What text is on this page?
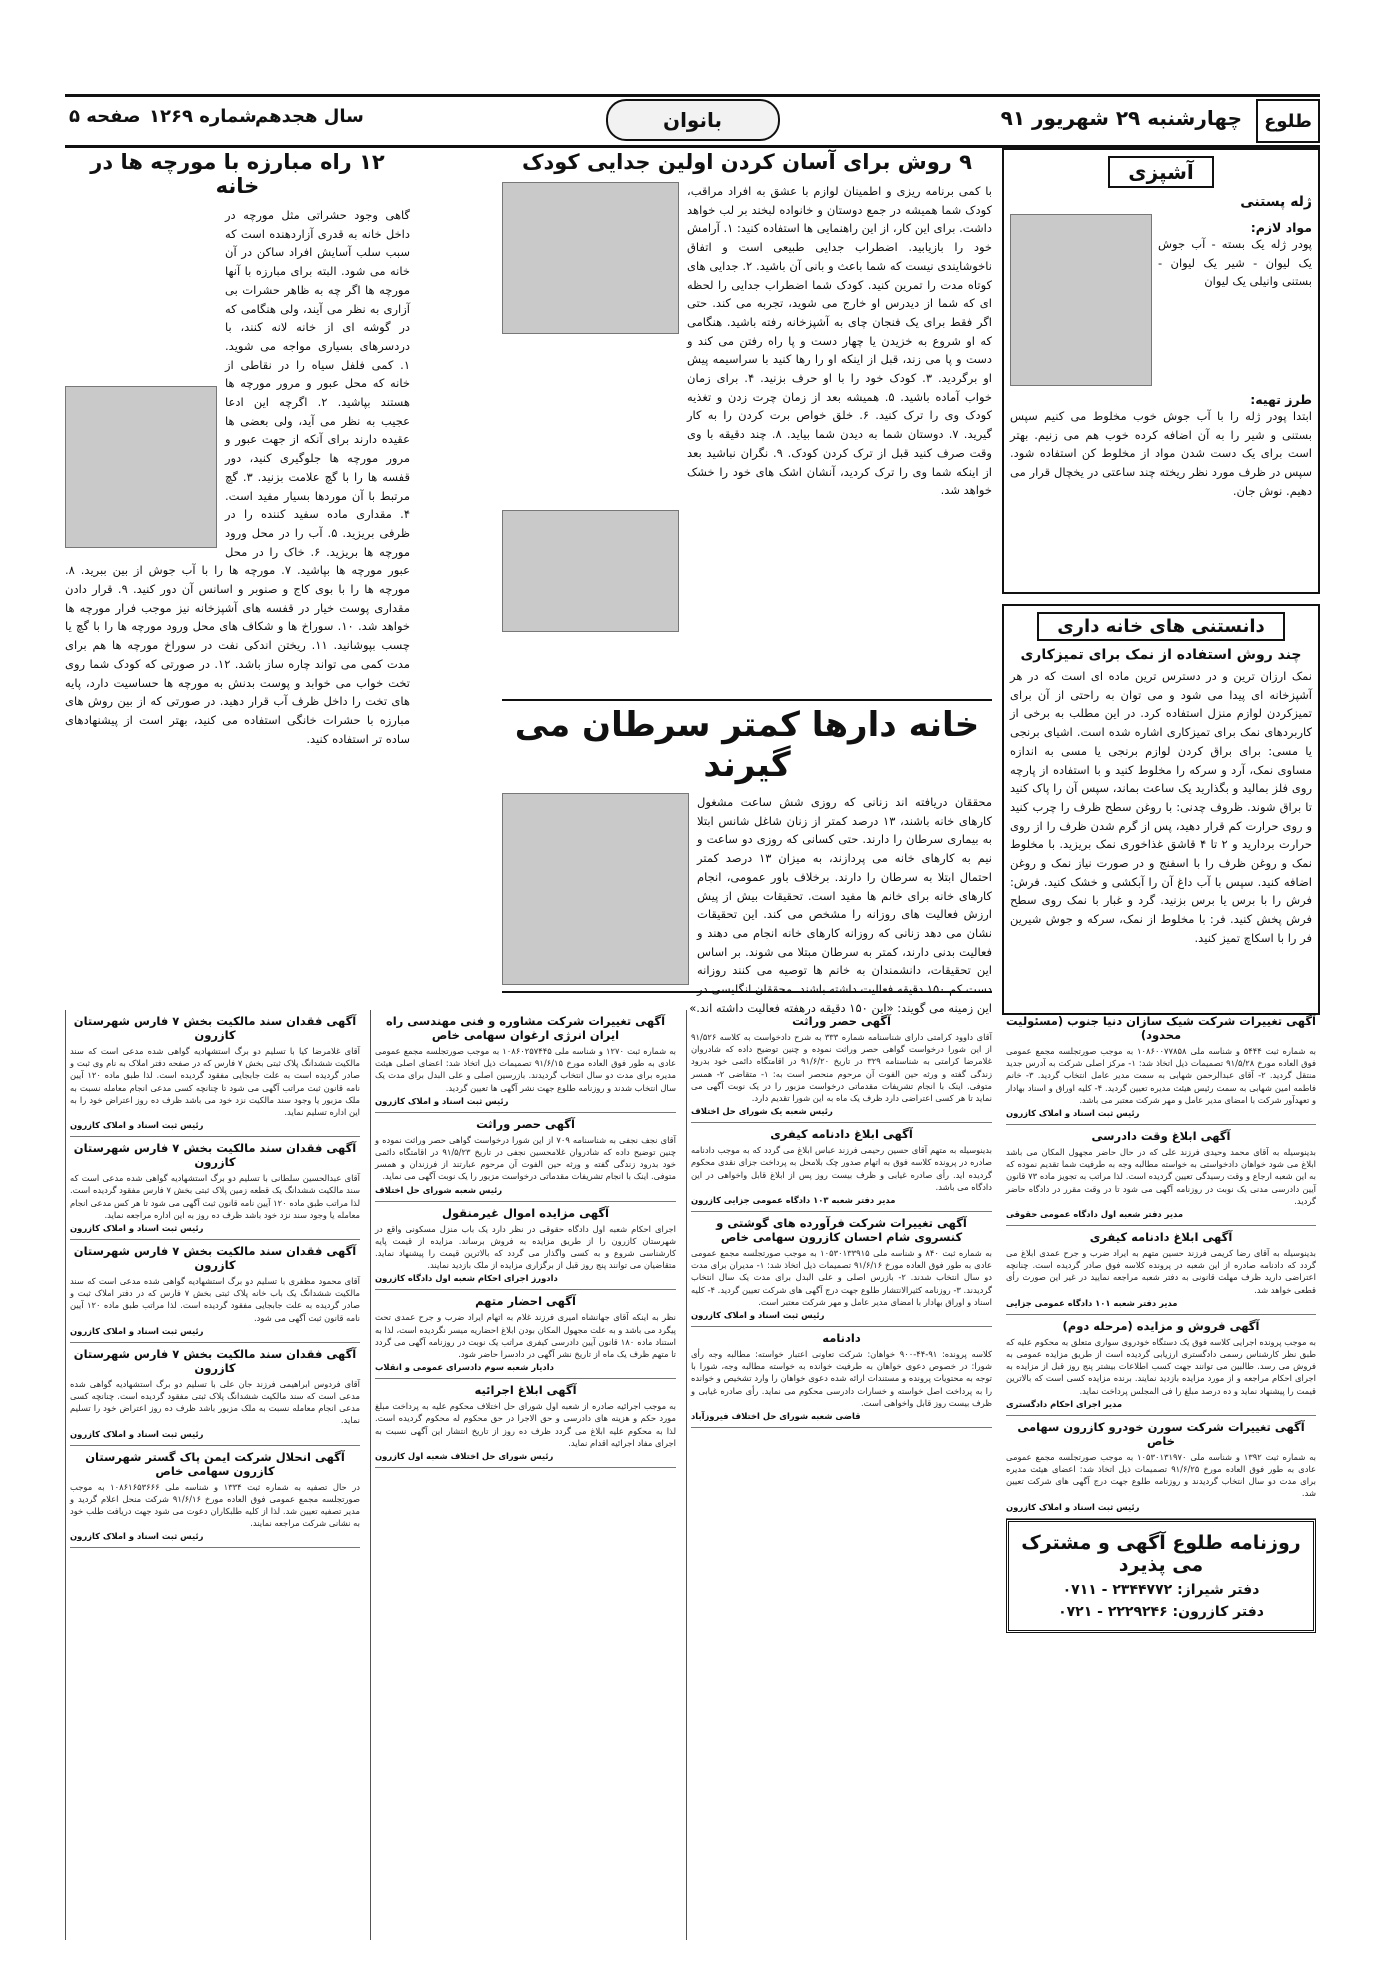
طلوع
چهارشنبه ۲۹ شهریور ۹۱
بانوان
سال هجدهم
شماره ۱۲۶۹
صفحه ۵
آشپزی
ژله پستنی
مواد لازم:
پودر ژله یک بسته - آب جوش یک لیوان - شیر یک لیوان - بستنی وانیلی یک لیوان
طرز تهیه:
ابتدا پودر ژله را با آب جوش خوب مخلوط می کنیم سپس بستنی و شیر را به آن اضافه کرده خوب هم می زنیم. بهتر است برای یک دست شدن مواد از مخلوط کن استفاده شود. سپس در ظرف مورد نظر ریخته چند ساعتی در یخچال قرار می دهیم. نوش جان.
دانستنی های خانه داری
چند روش استفاده از نمک برای تمیزکاری
نمک ارزان ترین و در دسترس ترین ماده ای است که در هر آشپزخانه ای پیدا می شود و می توان به راحتی از آن برای تمیزکردن لوازم منزل استفاده کرد. در این مطلب به برخی از کاربردهای نمک برای تمیزکاری اشاره شده است. اشیای برنجی یا مسی: برای براق کردن لوازم برنجی یا مسی به اندازه مساوی نمک، آرد و سرکه را مخلوط کنید و با استفاده از پارچه روی فلز بمالید و بگذارید یک ساعت بماند، سپس آن را پاک کنید تا براق شوند. ظروف چدنی: با روغن سطح ظرف را چرب کنید و روی حرارت کم قرار دهید، پس از گرم شدن ظرف را از روی حرارت بردارید و ۲ تا ۴ قاشق غذاخوری نمک بریزید. با مخلوط نمک و روغن ظرف را با اسفنج و در صورت نیاز نمک و روغن اضافه کنید. سپس با آب داغ آن را آبکشی و خشک کنید. فرش: فرش را با برس یا برس بزنید. گرد و غبار با نمک روی سطح فرش پخش کنید. فر: با مخلوط از نمک، سرکه و جوش شیرین فر را با اسکاچ تمیز کنید.
۹ روش برای آسان کردن اولین جدایی کودک
با کمی برنامه ریزی و اطمینان لوازم با عشق به افراد مراقب، کودک شما همیشه در جمع دوستان و خانواده لبخند بر لب خواهد داشت. برای این کار، از این راهنمایی ها استفاده کنید: ۱. آرامش خود را بازیابید. اضطراب جدایی طبیعی است و اتفاق ناخوشایندی نیست که شما باعث و بانی آن باشید. ۲. جدایی های کوتاه مدت را تمرین کنید. کودک شما اضطراب جدایی را لحظه ای که شما از دیدرس او خارج می شوید، تجربه می کند. حتی اگر فقط برای یک فنجان چای به آشپزخانه رفته باشید. هنگامی که او شروع به خزیدن یا چهار دست و پا راه رفتن می کند و دست و پا می زند، قبل از اینکه او را رها کنید با سراسیمه پیش او برگردید. ۳. کودک خود را با او حرف بزنید. ۴. برای زمان خواب آماده باشید. ۵. همیشه بعد از زمان چرت زدن و تغذیه کودک وی را ترک کنید. ۶. خلق خواص برت کردن را به کار گیرید. ۷. دوستان شما به دیدن شما بیاید. ۸. چند دقیقه با وی وقت صرف کنید قبل از ترک کردن کودک. ۹. نگران نباشید بعد از اینکه شما وی را ترک کردید، آنشان اشک های خود را خشک خواهد شد.
خانه دارها کمتر سرطان می گیرند
محققان دریافته اند زنانی که روزی شش ساعت مشغول کارهای خانه باشند، ۱۳ درصد کمتر از زنان شاغل شانس ابتلا به بیماری سرطان را دارند. حتی کسانی که روزی دو ساعت و نیم به کارهای خانه می پردازند، به میزان ۱۳ درصد کمتر احتمال ابتلا به سرطان را دارند. برخلاف باور عمومی، انجام کارهای خانه برای خانم ها مفید است. تحقیقات بیش از پیش ارزش فعالیت های روزانه را مشخص می کند. این تحقیقات نشان می دهد زنانی که روزانه کارهای خانه انجام می دهند و فعالیت بدنی دارند، کمتر به سرطان مبتلا می شوند. بر اساس این تحقیقات، دانشمندان به خانم ها توصیه می کنند روزانه دست کم ۱۵۰ دقیقه فعالیت داشته باشند. محققان انگلیسی در این زمینه می گویند: «این ۱۵۰ دقیقه درهفته فعالیت داشته اند.»
۱۲ راه مبارزه با مورچه ها در خانه
گاهی وجود حشراتی مثل مورچه در داخل خانه به قدری آزاردهنده است که سبب سلب آسایش افراد ساکن در آن خانه می شود. البته برای مبارزه با آنها مورچه ها اگر چه به ظاهر حشرات بی آزاری به نظر می آیند، ولی هنگامی که در گوشه ای از خانه لانه کنند، با دردسرهای بسیاری مواجه می شوید. ۱. کمی فلفل سیاه را در نقاطی از خانه که محل عبور و مرور مورچه ها هستند بپاشید. ۲. اگرچه این ادعا عجیب به نظر می آید، ولی بعضی ها عقیده دارند برای آنکه از جهت عبور و مرور مورچه ها جلوگیری کنید، دور قفسه ها را با گچ علامت بزنید. ۳. گچ مرتبط با آن موردها بسیار مفید است. ۴. مقداری ماده سفید کننده را در ظرفی بریزید. ۵. آب را در محل ورود مورچه ها بریزید. ۶. خاک را در محل عبور مورچه ها بپاشید. ۷. مورچه ها را با آب جوش از بین ببرید. ۸. مورچه ها را با بوی کاج و صنوبر و اسانس آن دور کنید. ۹. قرار دادن مقداری پوست خیار در قفسه های آشپزخانه نیز موجب فرار مورچه ها خواهد شد. ۱۰. سوراخ ها و شکاف های محل ورود مورچه ها را با گچ یا چسب بپوشانید. ۱۱. ریختن اندکی نفت در سوراخ مورچه ها هم برای مدت کمی می تواند چاره ساز باشد. ۱۲. در صورتی که کودک شما روی تخت خواب می خوابد و پوست بدنش به مورچه ها حساسیت دارد، پایه های تخت را داخل ظرف آب قرار دهید. در صورتی که از بین روش های مبارزه با حشرات خانگی استفاده می کنید، بهتر است از پیشنهادهای ساده تر استفاده کنید.
آگهی تغییرات شرکت شیک سازان دنیا جنوب (مسئولیت محدود)
به شماره ثبت ۵۴۴۴ و شناسه ملی ۱۰۸۶۰۰۷۷۸۵۸ به موجب صورتجلسه مجمع عمومی فوق العاده مورخ ۹۱/۵/۲۸ تصمیمات ذیل اتخاذ شد: ۱- مرکز اصلی شرکت به آدرس جدید منتقل گردید. ۲- آقای عبدالرحمن شهابی به سمت مدیر عامل انتخاب گردید. ۳- خانم فاطمه امین شهابی به سمت رئیس هیئت مدیره تعیین گردید. ۴- کلیه اوراق و اسناد بهادار و تعهدآور شرکت با امضای مدیر عامل و مهر شرکت معتبر می باشد.
رئیس ثبت اسناد و املاک کازرون
آگهی ابلاغ وقت دادرسی
بدینوسیله به آقای محمد وحیدی فرزند علی که در حال حاضر مجهول المکان می باشد ابلاغ می شود خواهان دادخواستی به خواسته مطالبه وجه به طرفیت شما تقدیم نموده که به این شعبه ارجاع و وقت رسیدگی تعیین گردیده است. لذا مراتب به تجویز ماده ۷۳ قانون آیین دادرسی مدنی یک نوبت در روزنامه آگهی می شود تا در وقت مقرر در دادگاه حاضر گردید.
مدیر دفتر شعبه اول دادگاه عمومی حقوقی
آگهی ابلاغ دادنامه کیفری
بدینوسیله به آقای رضا کریمی فرزند حسین متهم به ایراد ضرب و جرح عمدی ابلاغ می گردد که دادنامه صادره از این شعبه در پرونده کلاسه فوق صادر گردیده است. چنانچه اعتراضی دارید ظرف مهلت قانونی به دفتر شعبه مراجعه نمایید در غیر این صورت رأی قطعی خواهد شد.
مدیر دفتر شعبه ۱۰۱ دادگاه عمومی جزایی
آگهی فروش و مزایده (مرحله دوم)
به موجب پرونده اجرایی کلاسه فوق یک دستگاه خودروی سواری متعلق به محکوم علیه که طبق نظر کارشناس رسمی دادگستری ارزیابی گردیده است از طریق مزایده عمومی به فروش می رسد. طالبین می توانند جهت کسب اطلاعات بیشتر پنج روز قبل از مزایده به اجرای احکام مراجعه و از مورد مزایده بازدید نمایند. برنده مزایده کسی است که بالاترین قیمت را پیشنهاد نماید و ده درصد مبلغ را فی المجلس پرداخت نماید.
مدیر اجرای احکام دادگستری
آگهی تغییرات شرکت سورن خودرو کازرون سهامی خاص
به شماره ثبت ۱۳۹۲ و شناسه ملی ۱۰۵۳۰۱۳۱۹۷۰ به موجب صورتجلسه مجمع عمومی عادی به طور فوق العاده مورخ ۹۱/۶/۲۵ تصمیمات ذیل اتخاذ شد: اعضای هیئت مدیره برای مدت دو سال انتخاب گردیدند و روزنامه طلوع جهت درج آگهی های شرکت تعیین شد.
رئیس ثبت اسناد و املاک کازرون
روزنامه طلوع آگهی و مشترک می پذیرد
دفتر شیراز: ۲۳۴۴۷۷۲ - ۰۷۱۱
دفتر کازرون: ۲۲۲۹۲۴۶ - ۰۷۲۱
آگهی حصر وراثت
آقای داوود کرامتی دارای شناسنامه شماره ۳۳۳ به شرح دادخواست به کلاسه ۹۱/۵۲۶ از این شورا درخواست گواهی حصر وراثت نموده و چنین توضیح داده که شادروان غلامرضا کرامتی به شناسنامه ۳۲۹ در تاریخ ۹۱/۶/۲۰ در اقامتگاه دائمی خود بدرود زندگی گفته و ورثه حین الفوت آن مرحوم منحصر است به: ۱- متقاضی ۲- همسر متوفی. اینک با انجام تشریفات مقدماتی درخواست مزبور را در یک نوبت آگهی می نماید تا هر کسی اعتراضی دارد ظرف یک ماه به این شورا تقدیم دارد.
رئیس شعبه یک شورای حل اختلاف
آگهی ابلاغ دادنامه کیفری
بدینوسیله به متهم آقای حسین رحیمی فرزند عباس ابلاغ می گردد که به موجب دادنامه صادره در پرونده کلاسه فوق به اتهام صدور چک بلامحل به پرداخت جزای نقدی محکوم گردیده اید. رأی صادره غیابی و ظرف بیست روز پس از ابلاغ قابل واخواهی در این دادگاه می باشد.
مدیر دفتر شعبه ۱۰۳ دادگاه عمومی جزایی کازرون
آگهی تغییرات شرکت فرآورده های گوشتی و کنسروی شام احسان کازرون سهامی خاص
به شماره ثبت ۸۴۰ و شناسه ملی ۱۰۵۳۰۱۳۳۹۱۵ به موجب صورتجلسه مجمع عمومی عادی به طور فوق العاده مورخ ۹۱/۶/۱۶ تصمیمات ذیل اتخاذ شد: ۱- مدیران برای مدت دو سال انتخاب شدند. ۲- بازرس اصلی و علی البدل برای مدت یک سال انتخاب گردیدند. ۳- روزنامه کثیرالانتشار طلوع جهت درج آگهی های شرکت تعیین گردید. ۴- کلیه اسناد و اوراق بهادار با امضای مدیر عامل و مهر شرکت معتبر است.
رئیس ثبت اسناد و املاک کازرون
دادنامه
کلاسه پرونده: ۹۱-۴۴-۹۰۰ خواهان: شرکت تعاونی اعتبار خواسته: مطالبه وجه رأی شورا: در خصوص دعوی خواهان به طرفیت خوانده به خواسته مطالبه وجه، شورا با توجه به محتویات پرونده و مستندات ارائه شده دعوی خواهان را وارد تشخیص و خوانده را به پرداخت اصل خواسته و خسارات دادرسی محکوم می نماید. رأی صادره غیابی و ظرف بیست روز قابل واخواهی است.
قاضی شعبه شورای حل اختلاف فیروزآباد
آگهی تغییرات شرکت مشاوره و فنی مهندسی راه ایران انرژی ارغوان سهامی خاص
به شماره ثبت ۱۲۷۰ و شناسه ملی ۱۰۸۶۰۲۵۷۴۴۵ به موجب صورتجلسه مجمع عمومی عادی به طور فوق العاده مورخ ۹۱/۶/۱۵ تصمیمات ذیل اتخاذ شد: اعضای اصلی هیئت مدیره برای مدت دو سال انتخاب گردیدند. بازرسین اصلی و علی البدل برای مدت یک سال انتخاب شدند و روزنامه طلوع جهت نشر آگهی ها تعیین گردید.
رئیس ثبت اسناد و املاک کازرون
آگهی حصر وراثت
آقای نجف نجفی به شناسنامه ۷۰۹ از این شورا درخواست گواهی حصر وراثت نموده و چنین توضیح داده که شادروان غلامحسین نجفی در تاریخ ۹۱/۵/۲۳ در اقامتگاه دائمی خود بدرود زندگی گفته و ورثه حین الفوت آن مرحوم عبارتند از فرزندان و همسر متوفی. اینک با انجام تشریفات مقدماتی درخواست مزبور را یک نوبت آگهی می نماید.
رئیس شعبه شورای حل اختلاف
آگهی مزایده اموال غیرمنقول
اجرای احکام شعبه اول دادگاه حقوقی در نظر دارد یک باب منزل مسکونی واقع در شهرستان کازرون را از طریق مزایده به فروش برساند. مزایده از قیمت پایه کارشناسی شروع و به کسی واگذار می گردد که بالاترین قیمت را پیشنهاد نماید. متقاضیان می توانند پنج روز قبل از برگزاری مزایده از ملک بازدید نمایند.
دادورز اجرای احکام شعبه اول دادگاه کازرون
آگهی احضار متهم
نظر به اینکه آقای جهانشاه امیری فرزند غلام به اتهام ایراد ضرب و جرح عمدی تحت پیگرد می باشد و به علت مجهول المکان بودن ابلاغ احضاریه میسر نگردیده است، لذا به استناد ماده ۱۸۰ قانون آیین دادرسی کیفری مراتب یک نوبت در روزنامه آگهی می گردد تا متهم ظرف یک ماه از تاریخ نشر آگهی در دادسرا حاضر شود.
دادیار شعبه سوم دادسرای عمومی و انقلاب
آگهی ابلاغ اجرائیه
به موجب اجرائیه صادره از شعبه اول شورای حل اختلاف محکوم علیه به پرداخت مبلغ مورد حکم و هزینه های دادرسی و حق الاجرا در حق محکوم له محکوم گردیده است. لذا به محکوم علیه ابلاغ می گردد ظرف ده روز از تاریخ انتشار این آگهی نسبت به اجرای مفاد اجرائیه اقدام نماید.
رئیس شورای حل اختلاف شعبه اول کازرون
آگهی فقدان سند مالکیت بخش ۷ فارس شهرستان کازرون
آقای غلامرضا کیا با تسلیم دو برگ استشهادیه گواهی شده مدعی است که سند مالکیت ششدانگ پلاک ثبتی بخش ۷ فارس که در صفحه دفتر املاک به نام وی ثبت و صادر گردیده است به علت جابجایی مفقود گردیده است. لذا طبق ماده ۱۲۰ آیین نامه قانون ثبت مراتب آگهی می شود تا چنانچه کسی مدعی انجام معامله نسبت به ملک مزبور یا وجود سند مالکیت نزد خود می باشد ظرف ده روز اعتراض خود را به این اداره تسلیم نماید.
رئیس ثبت اسناد و املاک کازرون
آگهی فقدان سند مالکیت بخش ۷ فارس شهرستان کازرون
آقای عبدالحسین سلطانی با تسلیم دو برگ استشهادیه گواهی شده مدعی است که سند مالکیت ششدانگ یک قطعه زمین پلاک ثبتی بخش ۷ فارس مفقود گردیده است. لذا مراتب طبق ماده ۱۲۰ آیین نامه قانون ثبت آگهی می شود تا هر کس مدعی انجام معامله یا وجود سند نزد خود باشد ظرف ده روز به این اداره مراجعه نماید.
رئیس ثبت اسناد و املاک کازرون
آگهی فقدان سند مالکیت بخش ۷ فارس شهرستان کازرون
آقای محمود مظفری با تسلیم دو برگ استشهادیه گواهی شده مدعی است که سند مالکیت ششدانگ یک باب خانه پلاک ثبتی بخش ۷ فارس که در دفتر املاک ثبت و صادر گردیده به علت جابجایی مفقود گردیده است. لذا مراتب طبق ماده ۱۲۰ آیین نامه قانون ثبت آگهی می شود.
رئیس ثبت اسناد و املاک کازرون
آگهی فقدان سند مالکیت بخش ۷ فارس شهرستان کازرون
آقای فردوس ابراهیمی فرزند جان علی با تسلیم دو برگ استشهادیه گواهی شده مدعی است که سند مالکیت ششدانگ پلاک ثبتی مفقود گردیده است. چنانچه کسی مدعی انجام معامله نسبت به ملک مزبور باشد ظرف ده روز اعتراض خود را تسلیم نماید.
رئیس ثبت اسناد و املاک کازرون
آگهی انحلال شرکت ایمن پاک گستر شهرستان کازرون سهامی خاص
در حال تصفیه به شماره ثبت ۱۳۳۴ و شناسه ملی ۱۰۸۶۱۶۵۳۶۶۶ به موجب صورتجلسه مجمع عمومی فوق العاده مورخ ۹۱/۶/۱۶ شرکت منحل اعلام گردید و مدیر تصفیه تعیین شد. لذا از کلیه طلبکاران دعوت می شود جهت دریافت طلب خود به نشانی شرکت مراجعه نمایند.
رئیس ثبت اسناد و املاک کازرون
